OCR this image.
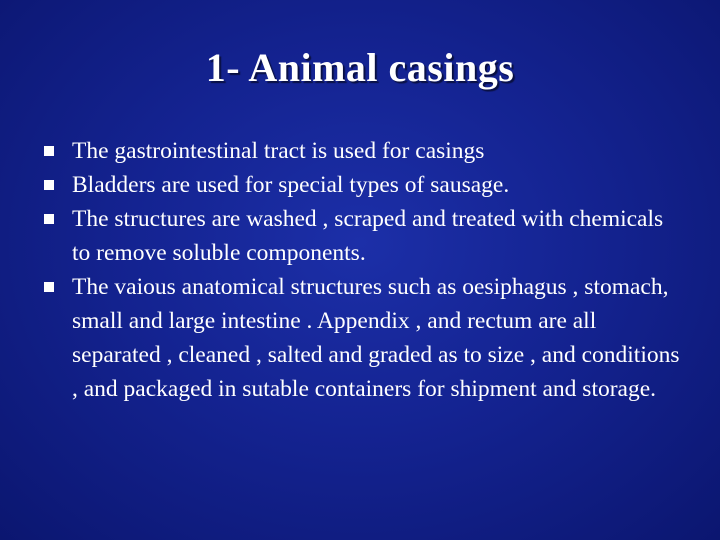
1- Animal casings
The gastrointestinal tract is used for casings
Bladders are used for special types of sausage.
The structures are washed , scraped and treated with chemicals to remove soluble components.
The vaious anatomical structures such as oesiphagus , stomach, small and large intestine . Appendix , and rectum are all separated , cleaned , salted and graded as to size , and conditions , and packaged in sutable containers for shipment and storage.
